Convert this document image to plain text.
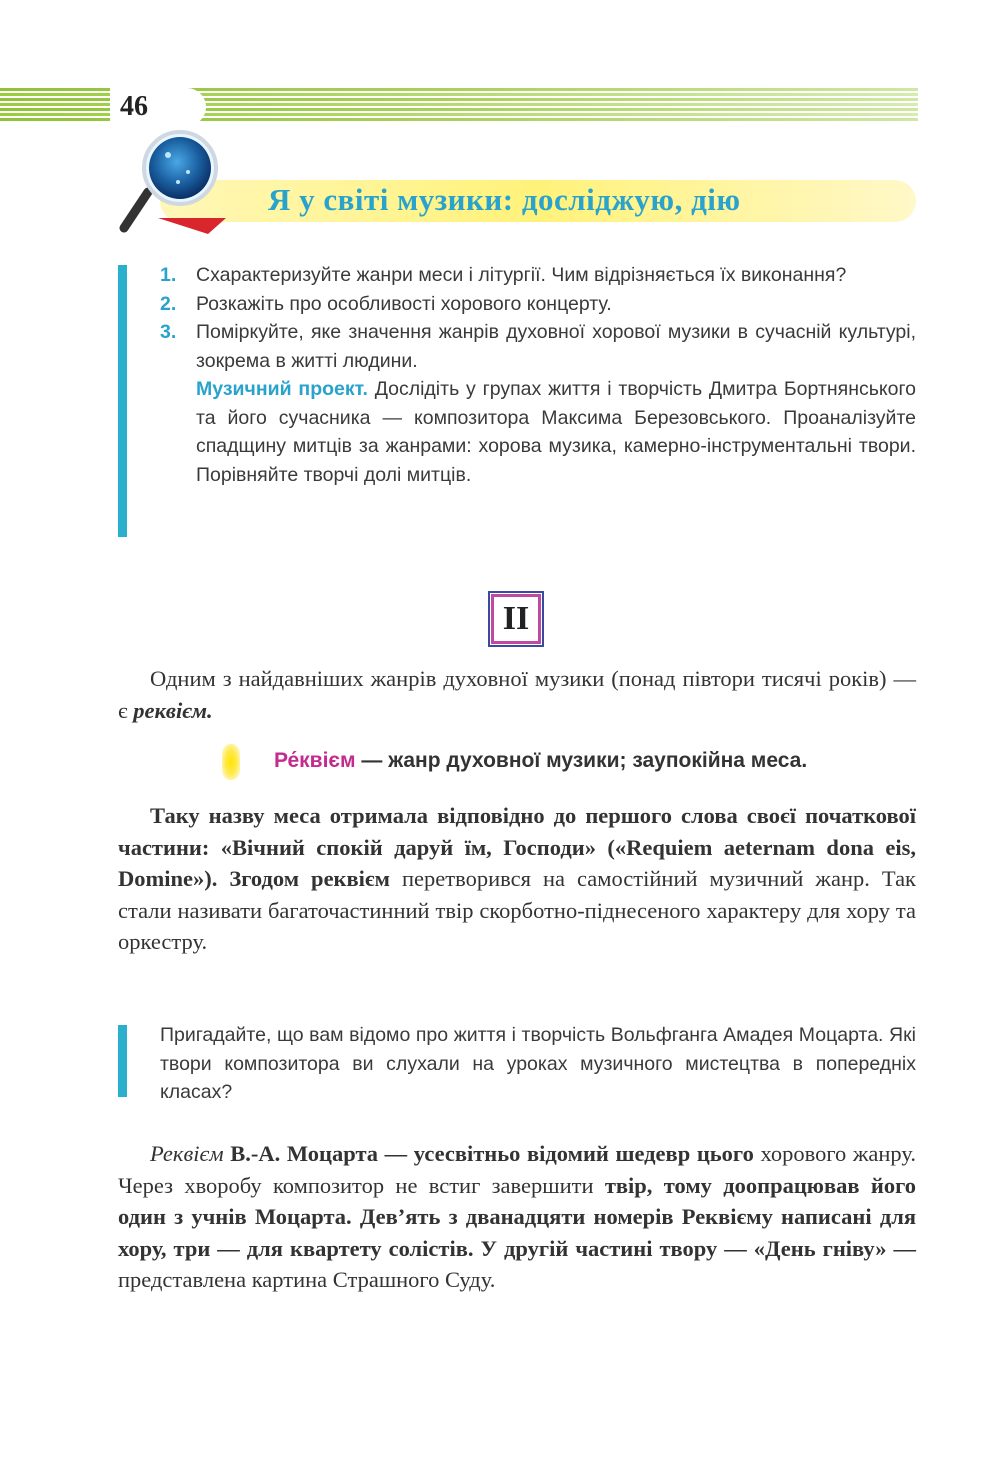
46
Я у світі музики: досліджую, дію
1.	Схарактеризуйте жанри меси і літургії. Чим відрізняється їх виконання?
2.	Розкажіть про особливості хорового концерту.
3.	Поміркуйте, яке значення жанрів духовної хорової музики в сучасній культурі, зокрема в житті людини.
Музичний проект. Дослідіть у групах життя і творчість Дмитра Бортнянського та його сучасника — композитора Максима Березовського. Проаналізуйте спадщину митців за жанрами: хорова музика, камерно-інструментальні твори. Порівняйте творчі долі митців.
II
Одним з найдавніших жанрів духовної музики (понад півтори тисячі років) — є реквієм.
Ре́квієм — жанр духовної музики; заупокійна меса.
Таку назву меса отримала відповідно до першого слова своєї початкової частини: «Вічний спокій даруй їм, Господи» («Requiem aeternam dona eis, Domine»). Згодом реквієм перетворився на самостійний музичний жанр. Так стали називати багаточастинний твір скорботно-піднесеного характеру для хору та оркестру.
Пригадайте, що вам відомо про життя і творчість Вольфганга Амадея Моцарта. Які твори композитора ви слухали на уроках музичного мистецтва в попередніх класах?
Реквієм В.-А. Моцарта — усесвітньо відомий шедевр цього хорового жанру. Через хворобу композитор не встиг завершити твір, тому доопрацював його один з учнів Моцарта. Дев’ять з дванадцяти номерів Реквієму написані для хору, три — для квартету солістів. У другій частині твору — «День гніву» — представлена картина Страшного Суду.
